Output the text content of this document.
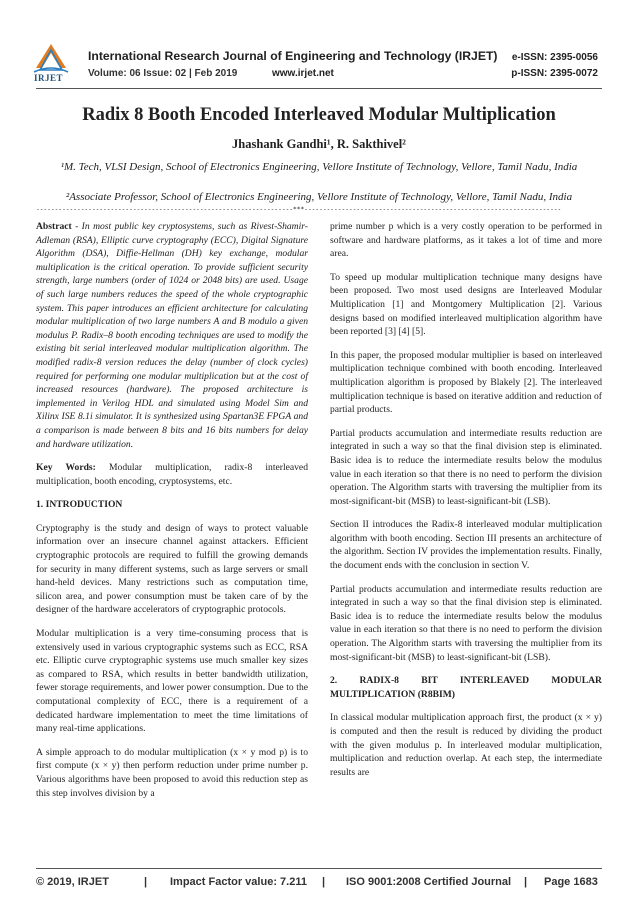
IRJET
International Research Journal of Engineering and Technology (IRJET)
Volume: 06 Issue: 02 | Feb 2019	www.irjet.net
e-ISSN: 2395-0056
p-ISSN: 2395-0072
Radix 8 Booth Encoded Interleaved Modular Multiplication
Jhashank Gandhi¹, R. Sakthivel²
¹M. Tech, VLSI Design, School of Electronics Engineering, Vellore Institute of Technology, Vellore, Tamil Nadu, India
²Associate Professor, School of Electronics Engineering, Vellore Institute of Technology, Vellore, Tamil Nadu, India
---------------------------------------------------------------------***---------------------------------------------------------------------

Abstract - In most public key cryptosystems, such as Rivest-Shamir-Adleman (RSA), Elliptic curve cryptography (ECC), Digital Signature Algorithm (DSA), Diffie-Hellman (DH) key exchange, modular multiplication is the critical operation. To provide sufficient security strength, large numbers (order of 1024 or 2048 bits) are used. Usage of such large numbers reduces the speed of the whole cryptographic system. This paper introduces an efficient architecture for calculating modular multiplication of two large numbers A and B modulo a given modulus P. Radix–8 booth encoding techniques are used to modify the existing bit serial interleaved modular multiplication algorithm. The modified radix-8 version reduces the delay (number of clock cycles) required for performing one modular multiplication but at the cost of increased resources (hardware). The proposed architecture is implemented in Verilog HDL and simulated using Model Sim and Xilinx ISE 8.1i simulator. It is synthesized using Spartan3E FPGA and a comparison is made between 8 bits and 16 bits numbers for delay and hardware utilization.

Key Words: Modular multiplication, radix-8 interleaved multiplication, booth encoding, cryptosystems, etc.

1. INTRODUCTION

Cryptography is the study and design of ways to protect valuable information over an insecure channel against attackers. Efficient cryptographic protocols are required to fulfill the growing demands for security in many different systems, such as large servers or small hand-held devices. Many restrictions such as computation time, silicon area, and power consumption must be taken care of by the designer of the hardware accelerators of cryptographic protocols.

Modular multiplication is a very time-consuming process that is extensively used in various cryptographic systems such as ECC, RSA etc. Elliptic curve cryptographic systems use much smaller key sizes as compared to RSA, which results in better bandwidth utilization, fewer storage requirements, and lower power consumption. Due to the computational complexity of ECC, there is a requirement of a dedicated hardware implementation to meet the time limitations of many real-time applications.

A simple approach to do modular multiplication (x × y mod p) is to first compute (x × y) then perform reduction under prime number p. Various algorithms have been proposed to avoid this reduction step as this step involves division by a

prime number p which is a very costly operation to be performed in software and hardware platforms, as it takes a lot of time and more area.

To speed up modular multiplication technique many designs have been proposed. Two most used designs are Interleaved Modular Multiplication [1] and Montgomery Multiplication [2]. Various designs based on modified interleaved multiplication algorithm have been reported [3] [4] [5].

In this paper, the proposed modular multiplier is based on interleaved multiplication technique combined with booth encoding. Interleaved multiplication algorithm is proposed by Blakely [2]. The interleaved multiplication technique is based on iterative addition and reduction of partial products.

Partial products accumulation and intermediate results reduction are integrated in such a way so that the final division step is eliminated. Basic idea is to reduce the intermediate results below the modulus value in each iteration so that there is no need to perform the division operation. The Algorithm starts with traversing the multiplier from its most-significant-bit (MSB) to least-significant-bit (LSB).

Section II introduces the Radix-8 interleaved modular multiplication algorithm with booth encoding. Section III presents an architecture of the algorithm. Section IV provides the implementation results. Finally, the document ends with the conclusion in section V.

Partial products accumulation and intermediate results reduction are integrated in such a way so that the final division step is eliminated. Basic idea is to reduce the intermediate results below the modulus value in each iteration so that there is no need to perform the division operation. The Algorithm starts with traversing the multiplier from its most-significant-bit (MSB) to least-significant-bit (LSB).

2. RADIX-8 BIT INTERLEAVED MODULAR MULTIPLICATION (R8BIM)

In classical modular multiplication approach first, the product (x × y) is computed and then the result is reduced by dividing the product with the given modulus p. In interleaved modular multiplication, multiplication and reduction overlap. At each step, the intermediate results are

© 2019, IRJET	| Impact Factor value: 7.211 | ISO 9001:2008 Certified Journal | Page 1683
